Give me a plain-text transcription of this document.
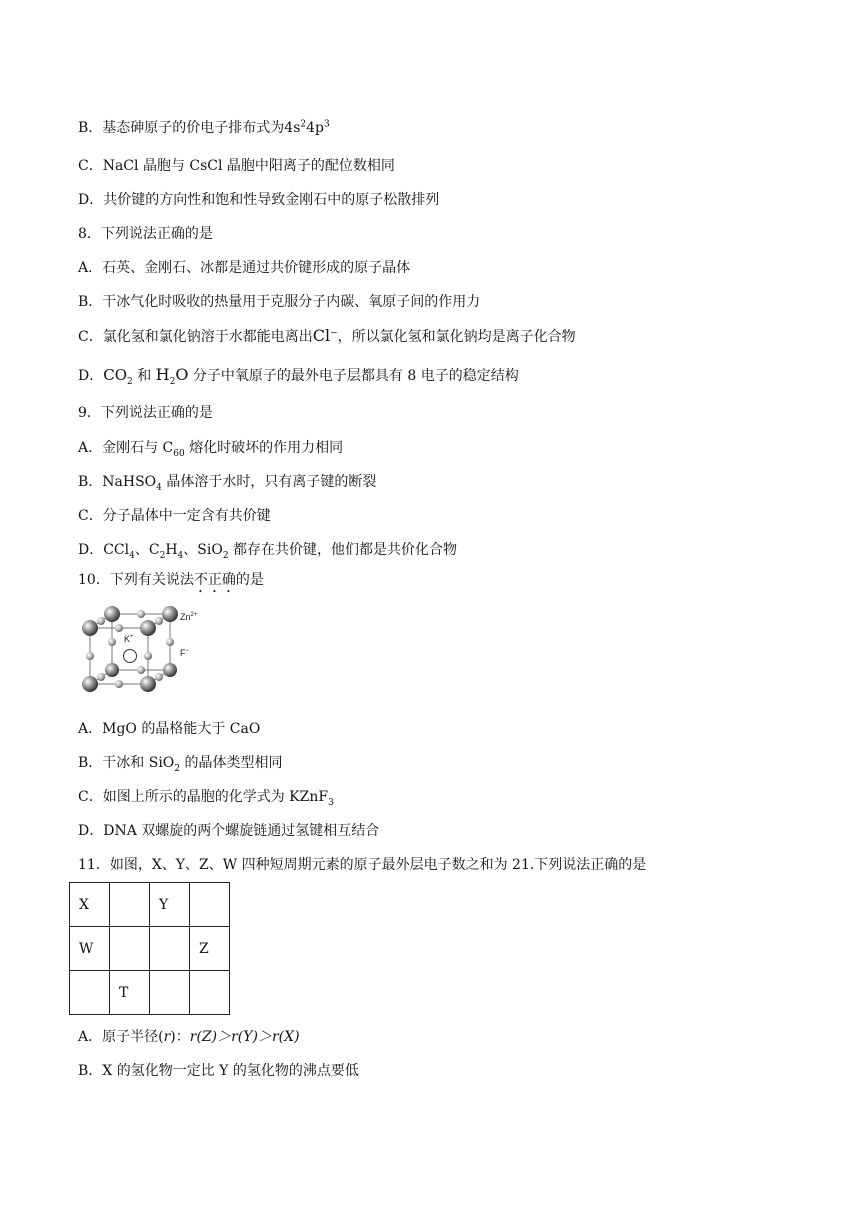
B．基态砷原子的价电子排布式为$4s^24p^3$
C．NaCl 晶胞与 CsCl 晶胞中阳离子的配位数相同
D．共价键的方向性和饱和性导致金刚石中的原子松散排列
8．下列说法正确的是
A．石英、金刚石、冰都是通过共价键形成的原子晶体
B．干冰气化时吸收的热量用于克服分子内碳、氧原子间的作用力
C．氯化氢和氯化钠溶于水都能电离出Cl−，所以氯化氢和氯化钠均是离子化合物
D．$CO_2$ 和 $H_2O$ 分子中氧原子的最外电子层都具有 8 电子的稳定结构
9．下列说法正确的是
A．金刚石与 $C_{60}$ 熔化时破坏的作用力相同
B．NaHSO$_4$ 晶体溶于水时，只有离子键的断裂
C．分子晶体中一定含有共价键
D．CCl$_4$、$C_2H_4$、SiO$_2$ 都存在共价键，他们都是共价化合物
10．下列有关说法不正确的是
$Zn^{2+}$
K+
F−
A．MgO 的晶格能大于 CaO
B．干冰和 SiO$_2$ 的晶体类型相同
C．如图上所示的晶胞的化学式为 KZnF$_3$
D．DNA 双螺旋的两个螺旋链通过氢键相互结合
11．如图，X、Y、Z、W 四种短周期元素的原子最外层电子数之和为 21.下列说法正确的是
X		Y	
W			Z
	T		
A．原子半径(r)：r(Z)＞r(Y)＞r(X)
B．X 的氢化物一定比 Y 的氢化物的沸点要低
